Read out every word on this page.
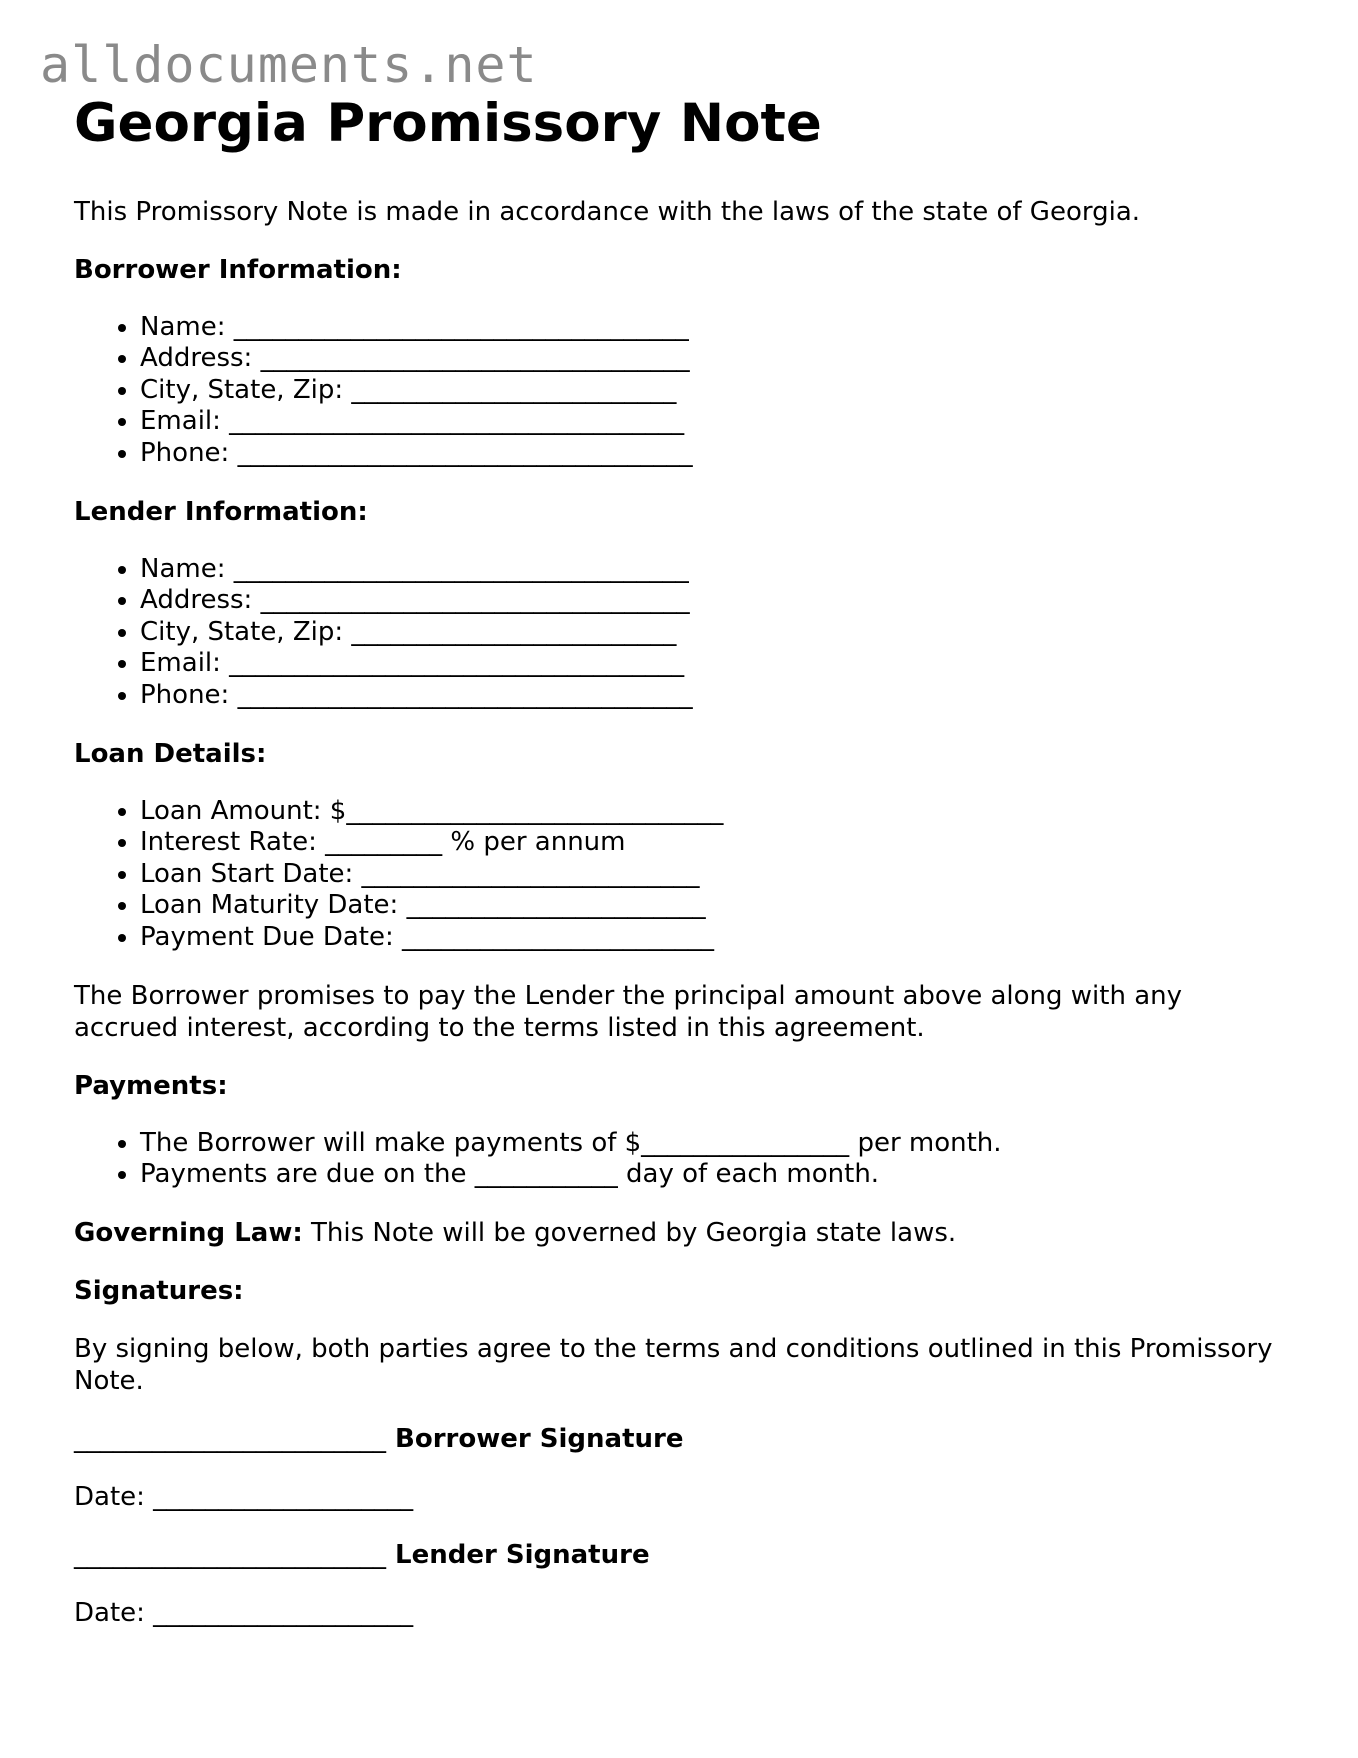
alldocuments.net
Georgia Promissory Note

This Promissory Note is made in accordance with the laws of the state of Georgia.

Borrower Information:

• Name: ___________________________________
• Address: _________________________________
• City, State, Zip: _________________________
• Email: ___________________________________
• Phone: ___________________________________

Lender Information:

• Name: ___________________________________
• Address: _________________________________
• City, State, Zip: _________________________
• Email: ___________________________________
• Phone: ___________________________________

Loan Details:

• Loan Amount: $_____________________________
• Interest Rate: _________ % per annum
• Loan Start Date: __________________________
• Loan Maturity Date: _______________________
• Payment Due Date: ________________________

The Borrower promises to pay the Lender the principal amount above along with any accrued interest, according to the terms listed in this agreement.

Payments:

• The Borrower will make payments of $________________ per month.
• Payments are due on the ___________ day of each month.

Governing Law: This Note will be governed by Georgia state laws.

Signatures:

By signing below, both parties agree to the terms and conditions outlined in this Promissory Note.

________________________ Borrower Signature

Date: ____________________

________________________ Lender Signature

Date: ____________________
